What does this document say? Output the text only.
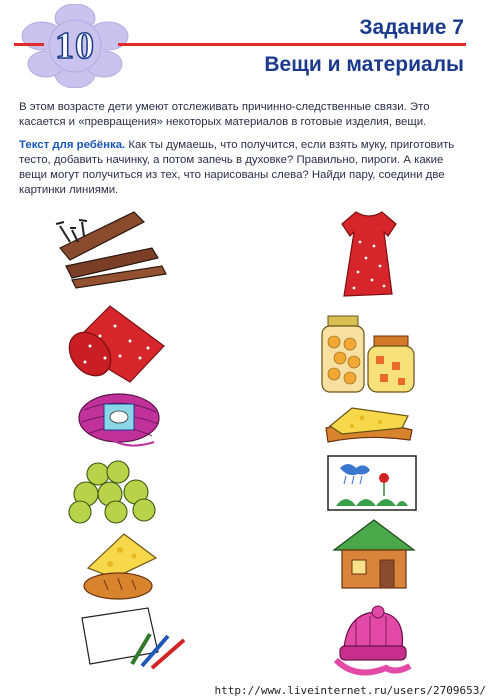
10	Задание 7
Вещи и материалы
В этом возрасте дети умеют отслеживать причинно-следственные связи. Это касается и «превращения» некоторых материалов в готовые изделия, вещи.
Текст для ребёнка. Как ты думаешь, что получится, если взять муку, приготовить тесто, добавить начинку, а потом запечь в духовке? Правильно, пироги. А какие вещи могут получиться из тех, что нарисованы слева? Найди пару, соедини две картинки линиями.
http://www.liveinternet.ru/users/2709653/
